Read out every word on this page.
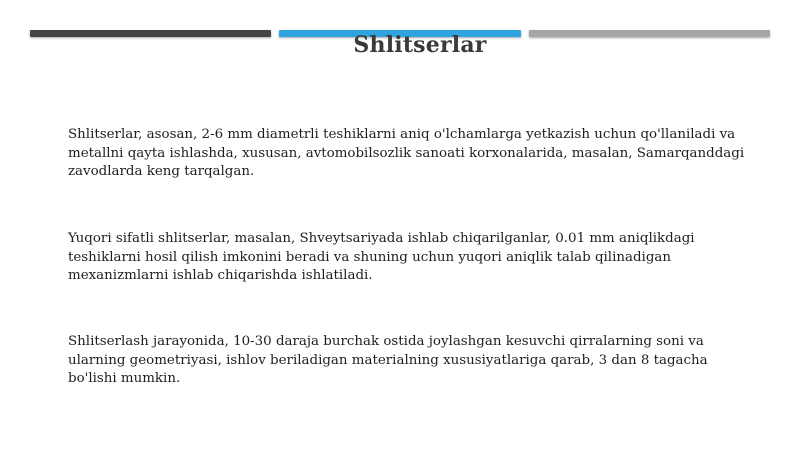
Shlitserlar
Shlitserlar, asosan, 2-6 mm diametrli teshiklarni aniq o'lchamlarga yetkazish uchun qo'llaniladi va metallni qayta ishlashda, xususan, avtomobilsozlik sanoati korxonalarida, masalan, Samarqanddagi zavodlarda keng tarqalgan.
Yuqori sifatli shlitserlar, masalan, Shveytsariyada ishlab chiqarilganlar, 0.01 mm aniqlikdagi teshiklarni hosil qilish imkonini beradi va shuning uchun yuqori aniqlik talab qilinadigan mexanizmlarni ishlab chiqarishda ishlatiladi.
Shlitserlash jarayonida, 10-30 daraja burchak ostida joylashgan kesuvchi qirralarning soni va ularning geometriyasi, ishlov beriladigan materialning xususiyatlariga qarab, 3 dan 8 tagacha bo'lishi mumkin.
